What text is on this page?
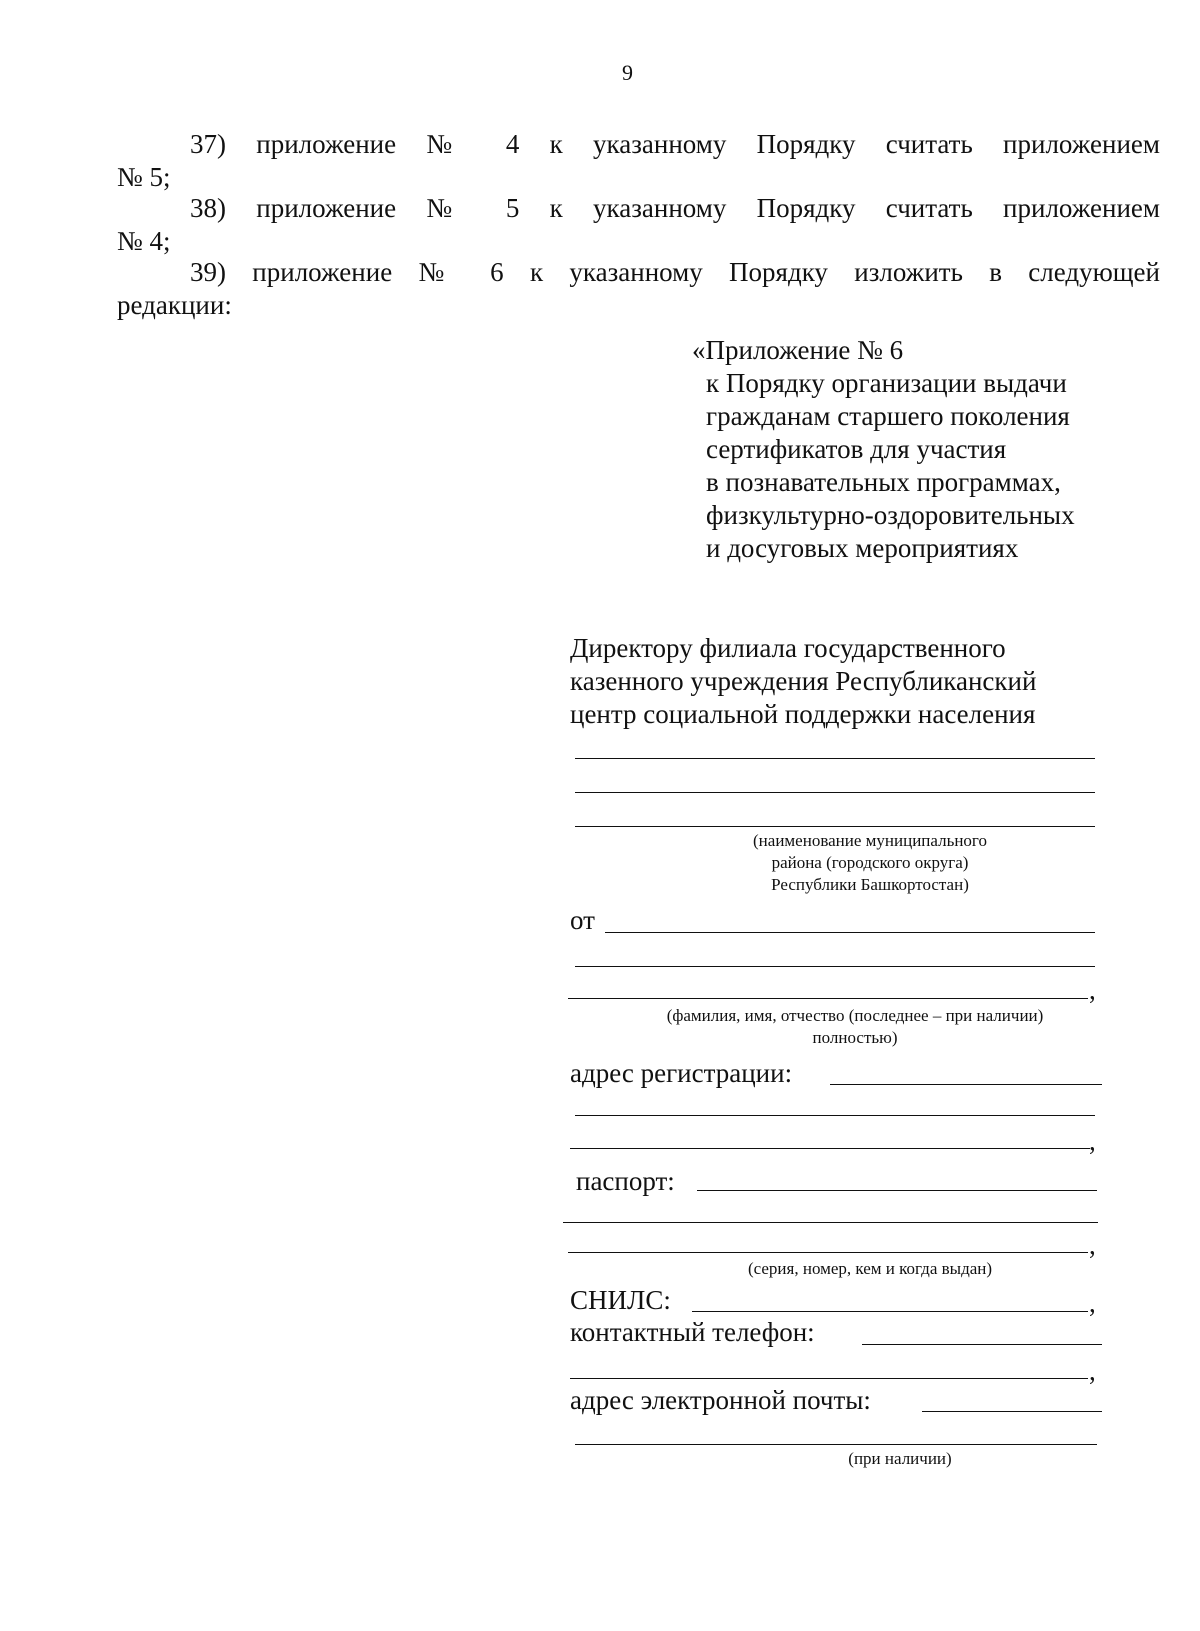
9
37) приложение № 4 к указанному Порядку считать приложением
№ 5;
38) приложение № 5 к указанному Порядку считать приложением
№ 4;
39) приложение № 6 к указанному Порядку изложить в следующей
редакции:
«Приложение № 6
к Порядку организации выдачи
гражданам старшего поколения
сертификатов для участия
в познавательных программах,
физкультурно-оздоровительных
и досуговых мероприятиях
Директору филиала государственного
казенного учреждения Республиканский
центр социальной поддержки населения
(наименование муниципального
района (городского округа)
Республики Башкортостан)
от
,
(фамилия, имя, отчество (последнее – при наличии)
полностью)
адрес регистрации:
,
паспорт:
,
(серия, номер, кем и когда выдан)
СНИЛС:	,
контактный телефон:
,
адрес электронной почты:
(при наличии)
